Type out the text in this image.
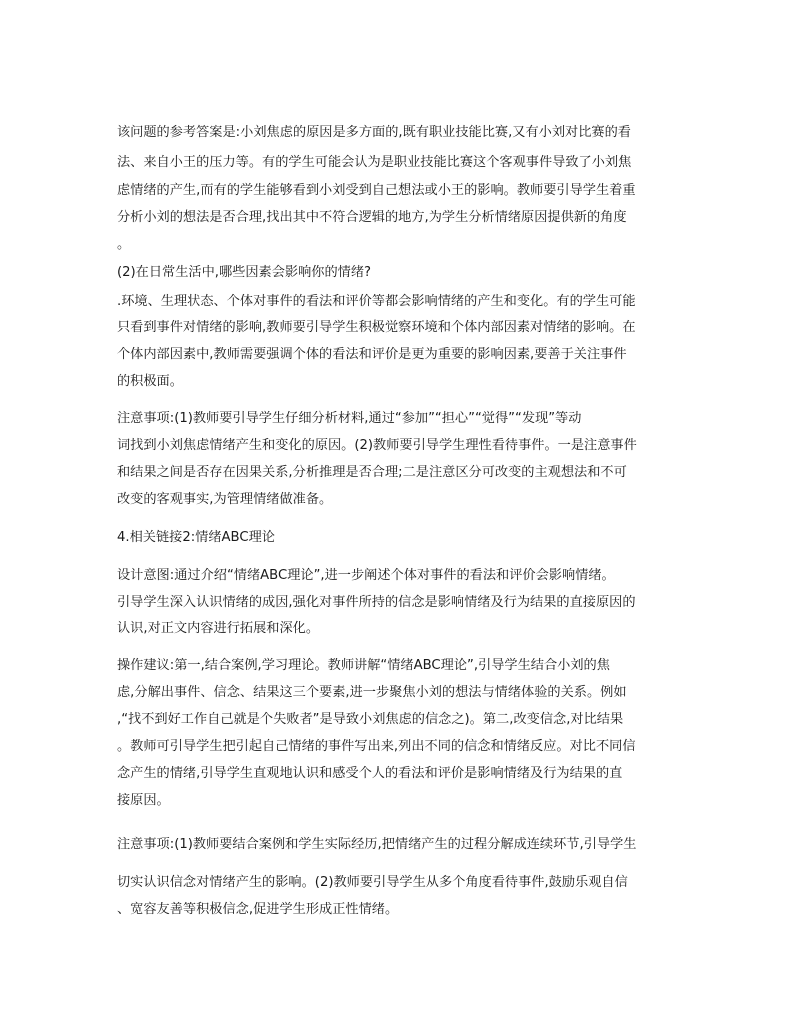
该问题的参考答案是:小刘焦虑的原因是多方面的,既有职业技能比赛,又有小刘对比赛的看
法、来自小王的压力等。有的学生可能会认为是职业技能比赛这个客观事件导致了小刘焦
虑情绪的产生,而有的学生能够看到小刘受到自己想法或小王的影响。教师要引导学生着重
分析小刘的想法是否合理,找出其中不符合逻辑的地方,为学生分析情绪原因提供新的角度
。
(2)在日常生活中,哪些因素会影响你的情绪?
.环境、生理状态、个体对事件的看法和评价等都会影响情绪的产生和变化。有的学生可能
只看到事件对情绪的影响,教师要引导学生积极觉察环境和个体内部因素对情绪的影响。在
个体内部因素中,教师需要强调个体的看法和评价是更为重要的影响因素,要善于关注事件
的积极面。
注意事项:(1)教师要引导学生仔细分析材料,通过“参加”“担心”“觉得”“发现”等动
词找到小刘焦虑情绪产生和变化的原因。(2)教师要引导学生理性看待事件。一是注意事件
和结果之间是否存在因果关系,分析推理是否合理;二是注意区分可改变的主观想法和不可
改变的客观事实,为管理情绪做准备。
4.相关链接2:情绪ABC理论
设计意图:通过介绍“情绪ABC理论”,进一步阐述个体对事件的看法和评价会影响情绪。
引导学生深入认识情绪的成因,强化对事件所持的信念是影响情绪及行为结果的直接原因的
认识,对正文内容进行拓展和深化。
操作建议:第一,结合案例,学习理论。教师讲解“情绪ABC理论”,引导学生结合小刘的焦
虑,分解出事件、信念、结果这三个要素,进一步聚焦小刘的想法与情绪体验的关系。例如
,“找不到好工作自己就是个失败者”是导致小刘焦虑的信念之)。第二,改变信念,对比结果
。教师可引导学生把引起自己情绪的事件写出来,列出不同的信念和情绪反应。对比不同信
念产生的情绪,引导学生直观地认识和感受个人的看法和评价是影响情绪及行为结果的直
接原因。
注意事项:(1)教师要结合案例和学生实际经历,把情绪产生的过程分解成连续环节,引导学生
切实认识信念对情绪产生的影响。(2)教师要引导学生从多个角度看待事件,鼓励乐观自信
、宽容友善等积极信念,促进学生形成正性情绪。
